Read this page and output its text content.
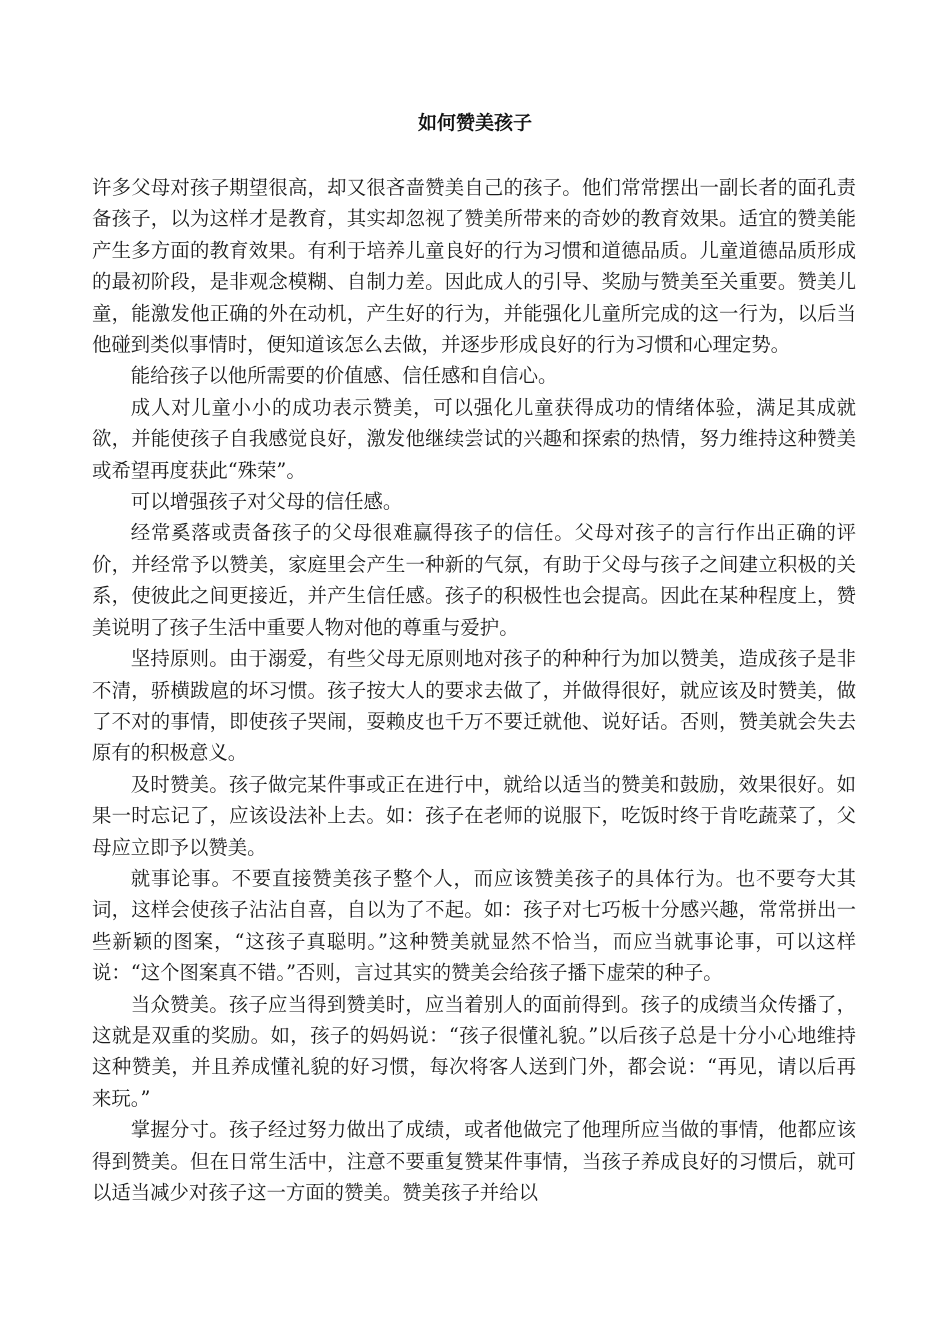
如何赞美孩子

许多父母对孩子期望很高，却又很吝啬赞美自己的孩子。他们常常摆出一副长者的面孔责备孩子，以为这样才是教育，其实却忽视了赞美所带来的奇妙的教育效果。适宜的赞美能产生多方面的教育效果。有利于培养儿童良好的行为习惯和道德品质。儿童道德品质形成的最初阶段，是非观念模糊、自制力差。因此成人的引导、奖励与赞美至关重要。赞美儿童，能激发他正确的外在动机，产生好的行为，并能强化儿童所完成的这一行为，以后当他碰到类似事情时，便知道该怎么去做，并逐步形成良好的行为习惯和心理定势。

能给孩子以他所需要的价值感、信任感和自信心。

成人对儿童小小的成功表示赞美，可以强化儿童获得成功的情绪体验，满足其成就欲，并能使孩子自我感觉良好，激发他继续尝试的兴趣和探索的热情，努力维持这种赞美或希望再度获此“殊荣”。

可以增强孩子对父母的信任感。

经常奚落或责备孩子的父母很难赢得孩子的信任。父母对孩子的言行作出正确的评价，并经常予以赞美，家庭里会产生一种新的气氛，有助于父母与孩子之间建立积极的关系，使彼此之间更接近，并产生信任感。孩子的积极性也会提高。因此在某种程度上，赞美说明了孩子生活中重要人物对他的尊重与爱护。

坚持原则。由于溺爱，有些父母无原则地对孩子的种种行为加以赞美，造成孩子是非不清，骄横跋扈的坏习惯。孩子按大人的要求去做了，并做得很好，就应该及时赞美，做了不对的事情，即使孩子哭闹，耍赖皮也千万不要迁就他、说好话。否则，赞美就会失去原有的积极意义。

及时赞美。孩子做完某件事或正在进行中，就给以适当的赞美和鼓励，效果很好。如果一时忘记了，应该设法补上去。如：孩子在老师的说服下，吃饭时终于肯吃蔬菜了，父母应立即予以赞美。

就事论事。不要直接赞美孩子整个人，而应该赞美孩子的具体行为。也不要夸大其词，这样会使孩子沾沾自喜，自以为了不起。如：孩子对七巧板十分感兴趣，常常拼出一些新颖的图案，“这孩子真聪明。”这种赞美就显然不恰当，而应当就事论事，可以这样说：“这个图案真不错。”否则，言过其实的赞美会给孩子播下虚荣的种子。

当众赞美。孩子应当得到赞美时，应当着别人的面前得到。孩子的成绩当众传播了，这就是双重的奖励。如，孩子的妈妈说：“孩子很懂礼貌。”以后孩子总是十分小心地维持这种赞美，并且养成懂礼貌的好习惯，每次将客人送到门外，都会说：“再见，请以后再来玩。”

掌握分寸。孩子经过努力做出了成绩，或者他做完了他理所应当做的事情，他都应该得到赞美。但在日常生活中，注意不要重复赞某件事情，当孩子养成良好的习惯后，就可以适当减少对孩子这一方面的赞美。赞美孩子并给以
